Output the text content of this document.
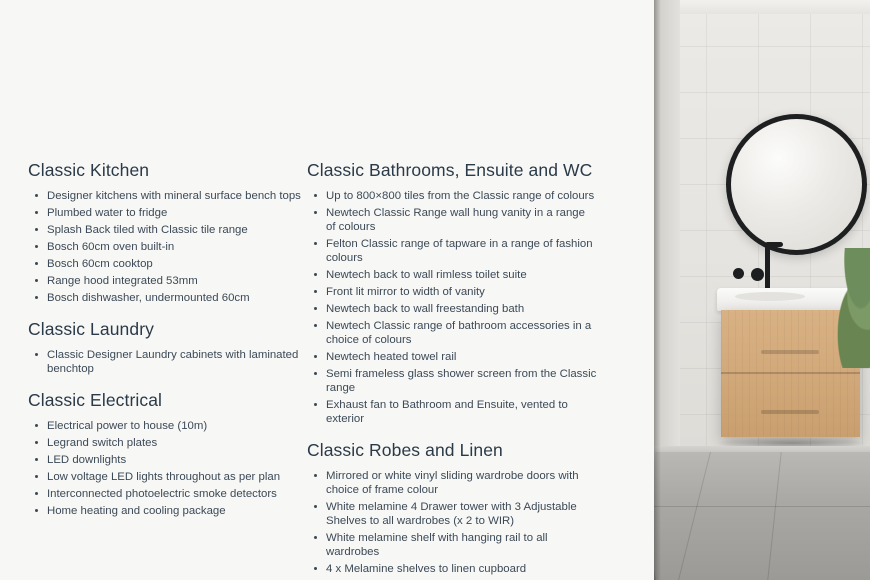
Classic Kitchen
Designer kitchens with mineral surface bench tops
Plumbed water to fridge
Splash Back tiled with Classic tile range
Bosch 60cm oven built-in
Bosch 60cm cooktop
Range hood integrated 53mm
Bosch dishwasher, undermounted 60cm
Classic Laundry
Classic Designer Laundry cabinets with laminated benchtop
Classic Electrical
Electrical power to house (10m)
Legrand switch plates
LED downlights
Low voltage LED lights throughout as per plan
Interconnected photoelectric smoke detectors
Home heating and cooling package
Classic Bathrooms, Ensuite and WC
Up to 800×800 tiles from the Classic range of colours
Newtech Classic Range wall hung vanity in a range of colours
Felton Classic range of tapware in a range of fashion colours
Newtech back to wall rimless toilet suite
Front lit mirror to width of vanity
Newtech back to wall freestanding bath
Newtech Classic range of bathroom accessories in a choice of colours
Newtech heated towel rail
Semi frameless glass shower screen from the Classic range
Exhaust fan to Bathroom and Ensuite, vented to exterior
Classic Robes and Linen
Mirrored or white vinyl sliding wardrobe doors with choice of frame colour
White melamine 4 Drawer tower with 3 Adjustable Shelves to all wardrobes (x 2 to WIR)
White melamine shelf with hanging rail to all wardrobes
4 x Melamine shelves to linen cupboard
